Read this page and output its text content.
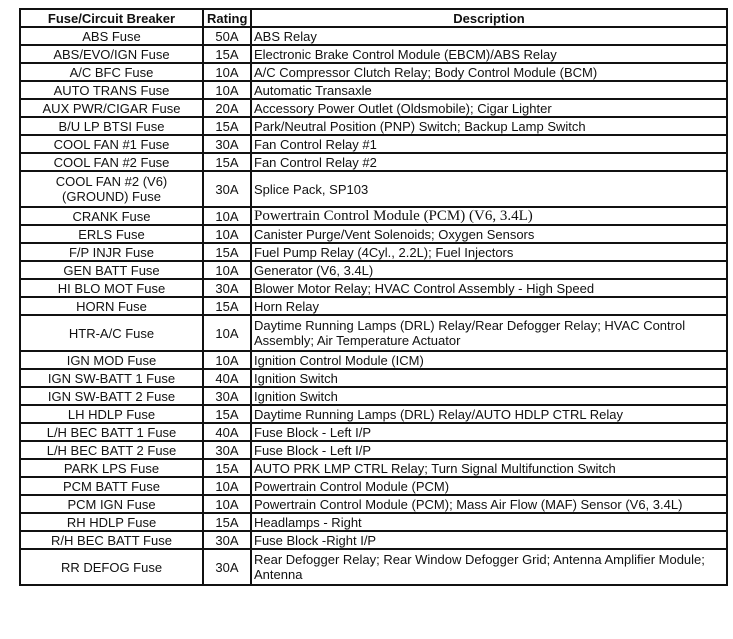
Fuse/Circuit Breaker	Rating	Description
ABS Fuse	50A	ABS Relay
ABS/EVO/IGN Fuse	15A	Electronic Brake Control Module (EBCM)/ABS Relay
A/C BFC Fuse	10A	A/C Compressor Clutch Relay; Body Control Module (BCM)
AUTO TRANS Fuse	10A	Automatic Transaxle
AUX PWR/CIGAR Fuse	20A	Accessory Power Outlet (Oldsmobile); Cigar Lighter
B/U LP BTSI Fuse	15A	Park/Neutral Position (PNP) Switch; Backup Lamp Switch
COOL FAN #1 Fuse	30A	Fan Control Relay #1
COOL FAN #2 Fuse	15A	Fan Control Relay #2
COOL FAN #2 (V6) (GROUND) Fuse	30A	Splice Pack, SP103
CRANK Fuse	10A	Powertrain Control Module (PCM) (V6, 3.4L)
ERLS Fuse	10A	Canister Purge/Vent Solenoids; Oxygen Sensors
F/P INJR Fuse	15A	Fuel Pump Relay (4Cyl., 2.2L); Fuel Injectors
GEN BATT Fuse	10A	Generator (V6, 3.4L)
HI BLO MOT Fuse	30A	Blower Motor Relay; HVAC Control Assembly - High Speed
HORN Fuse	15A	Horn Relay
HTR-A/C Fuse	10A	Daytime Running Lamps (DRL) Relay/Rear Defogger Relay; HVAC Control Assembly; Air Temperature Actuator
IGN MOD Fuse	10A	Ignition Control Module (ICM)
IGN SW-BATT 1 Fuse	40A	Ignition Switch
IGN SW-BATT 2 Fuse	30A	Ignition Switch
LH HDLP Fuse	15A	Daytime Running Lamps (DRL) Relay/AUTO HDLP CTRL Relay
L/H BEC BATT 1 Fuse	40A	Fuse Block - Left I/P
L/H BEC BATT 2 Fuse	30A	Fuse Block - Left I/P
PARK LPS Fuse	15A	AUTO PRK LMP CTRL Relay; Turn Signal Multifunction Switch
PCM BATT Fuse	10A	Powertrain Control Module (PCM)
PCM IGN Fuse	10A	Powertrain Control Module (PCM); Mass Air Flow (MAF) Sensor (V6, 3.4L)
RH HDLP Fuse	15A	Headlamps - Right
R/H BEC BATT Fuse	30A	Fuse Block -Right I/P
RR DEFOG Fuse	30A	Rear Defogger Relay; Rear Window Defogger Grid; Antenna Amplifier Module; Antenna
